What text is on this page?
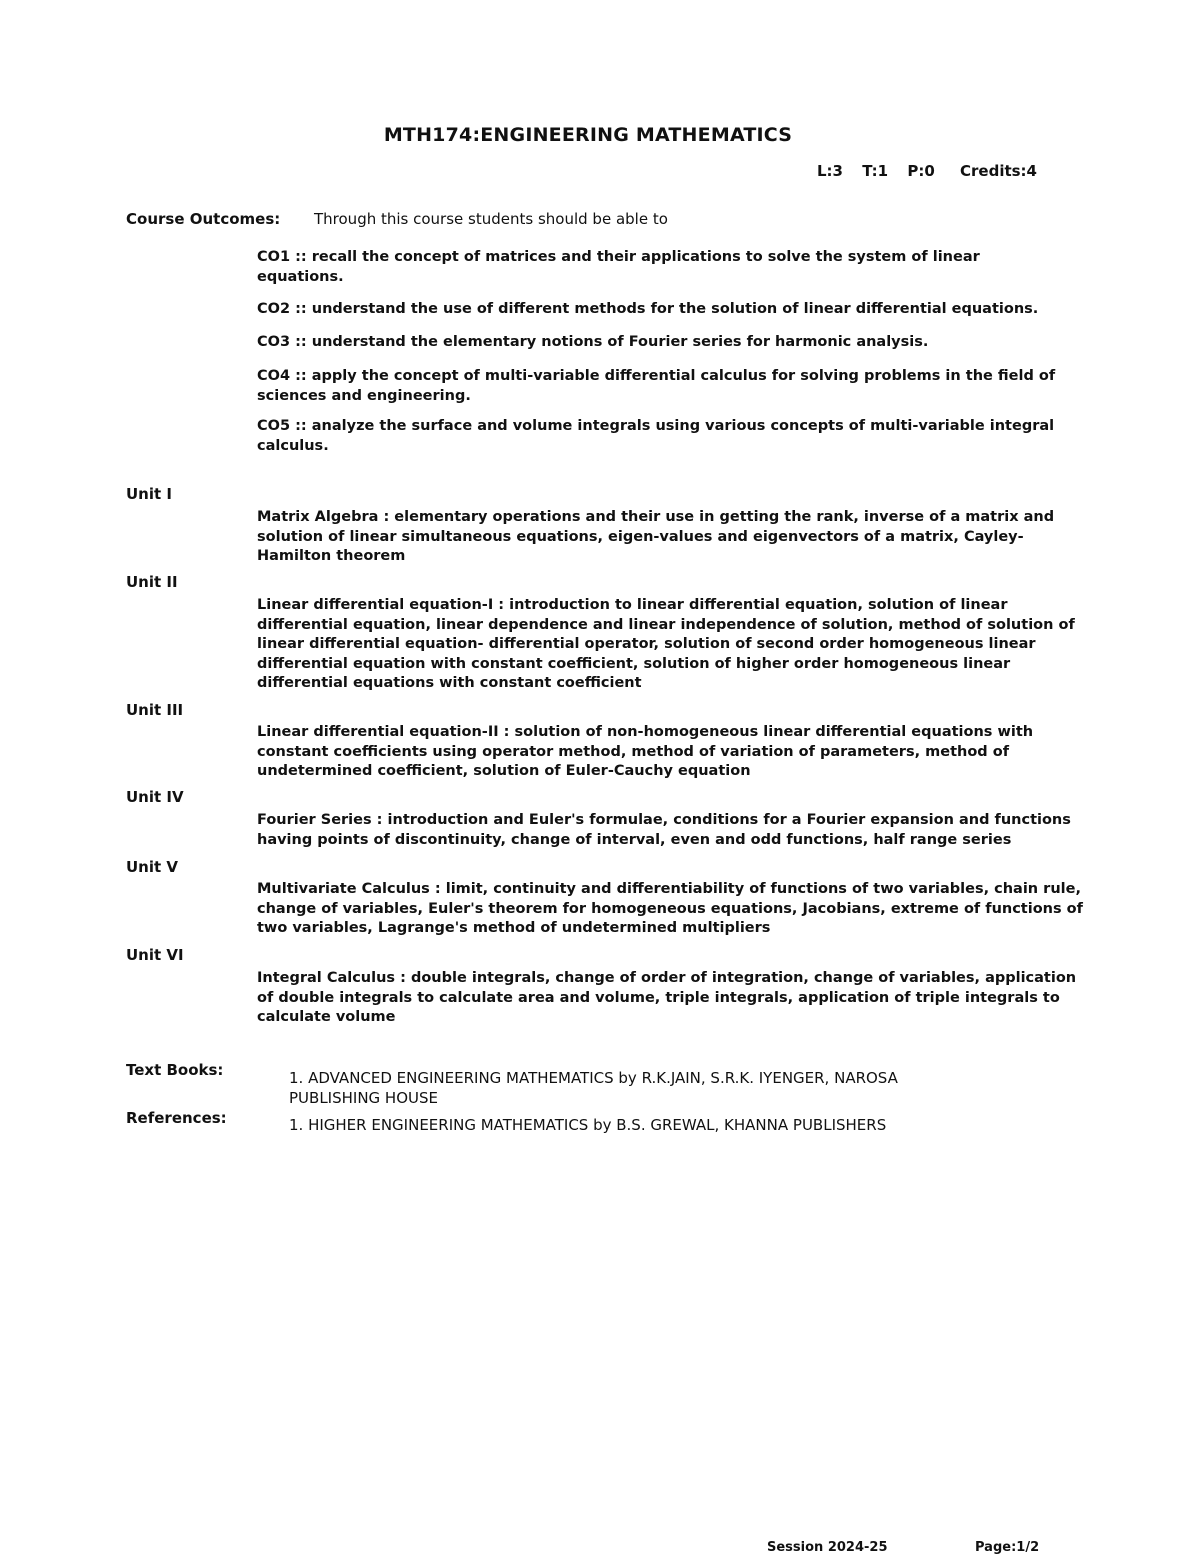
MTH174:ENGINEERING MATHEMATICS
L:3 T:1 P:0 Credits:4
Course Outcomes: Through this course students should be able to
CO1 :: recall the concept of matrices and their applications to solve the system of linear equations.
CO2 :: understand the use of different methods for the solution of linear differential equations.
CO3 :: understand the elementary notions of Fourier series for harmonic analysis.
CO4 :: apply the concept of multi-variable differential calculus for solving problems in the field of sciences and engineering.
CO5 :: analyze the surface and volume integrals using various concepts of multi-variable integral calculus.
Unit I
Matrix Algebra : elementary operations and their use in getting the rank, inverse of a matrix and solution of linear simultaneous equations, eigen-values and eigenvectors of a matrix, Cayley-Hamilton theorem
Unit II
Linear differential equation-I : introduction to linear differential equation, solution of linear differential equation, linear dependence and linear independence of solution, method of solution of linear differential equation- differential operator, solution of second order homogeneous linear differential equation with constant coefficient, solution of higher order homogeneous linear differential equations with constant coefficient
Unit III
Linear differential equation-II : solution of non-homogeneous linear differential equations with constant coefficients using operator method, method of variation of parameters, method of undetermined coefficient, solution of Euler-Cauchy equation
Unit IV
Fourier Series : introduction and Euler's formulae, conditions for a Fourier expansion and functions having points of discontinuity, change of interval, even and odd functions, half range series
Unit V
Multivariate Calculus : limit, continuity and differentiability of functions of two variables, chain rule, change of variables, Euler's theorem for homogeneous equations, Jacobians, extreme of functions of two variables, Lagrange's method of undetermined multipliers
Unit VI
Integral Calculus : double integrals, change of order of integration, change of variables, application of double integrals to calculate area and volume, triple integrals, application of triple integrals to calculate volume
Text Books:	1. ADVANCED ENGINEERING MATHEMATICS by R.K.JAIN, S.R.K. IYENGER, NAROSA PUBLISHING HOUSE
References:	1. HIGHER ENGINEERING MATHEMATICS by B.S. GREWAL, KHANNA PUBLISHERS
Session 2024-25	Page:1/2
